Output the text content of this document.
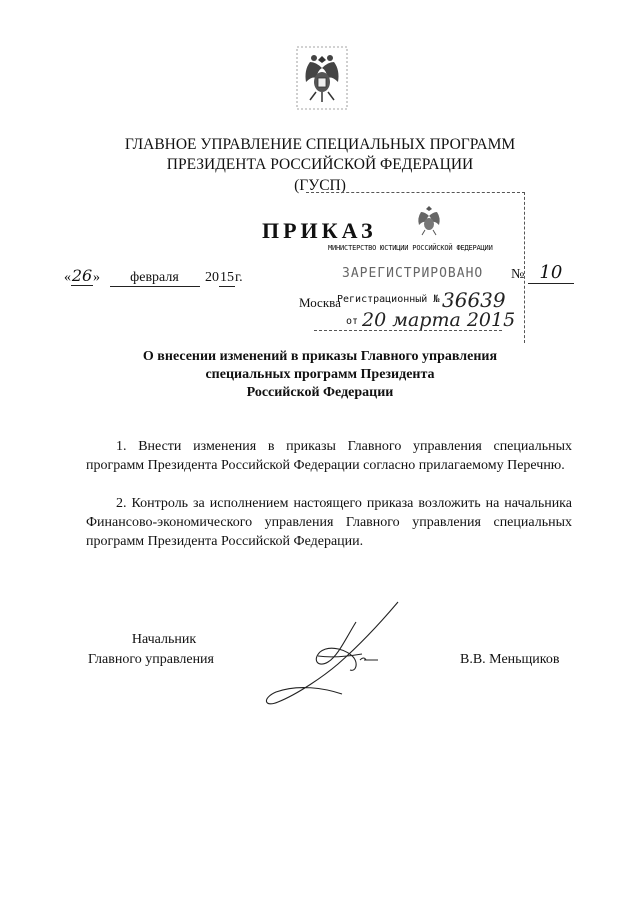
ГЛАВНОЕ УПРАВЛЕНИЕ СПЕЦИАЛЬНЫХ ПРОГРАММ
ПРЕЗИДЕНТА РОССИЙСКОЙ ФЕДЕРАЦИИ
(ГУСП)
МИНИСТЕРСТВО ЮСТИЦИИ РОССИЙСКОЙ ФЕДЕРАЦИИ
ЗАРЕГИСТРИРОВАНО
Регистрационный № 36639
от 20 марта 2015
ПРИКАЗ
«26» февраля 2015г.	№ 10
Москва
О внесении изменений в приказы Главного управления
специальных программ Президента
Российской Федерации
1. Внести изменения в приказы Главного управления специальных программ Президента Российской Федерации согласно прилагаемому Перечню.
2. Контроль за исполнением настоящего приказа возложить на начальника Финансово-экономического управления Главного управления специальных программ Президента Российской Федерации.
Начальник
Главного управления	В.В. Меньщиков
